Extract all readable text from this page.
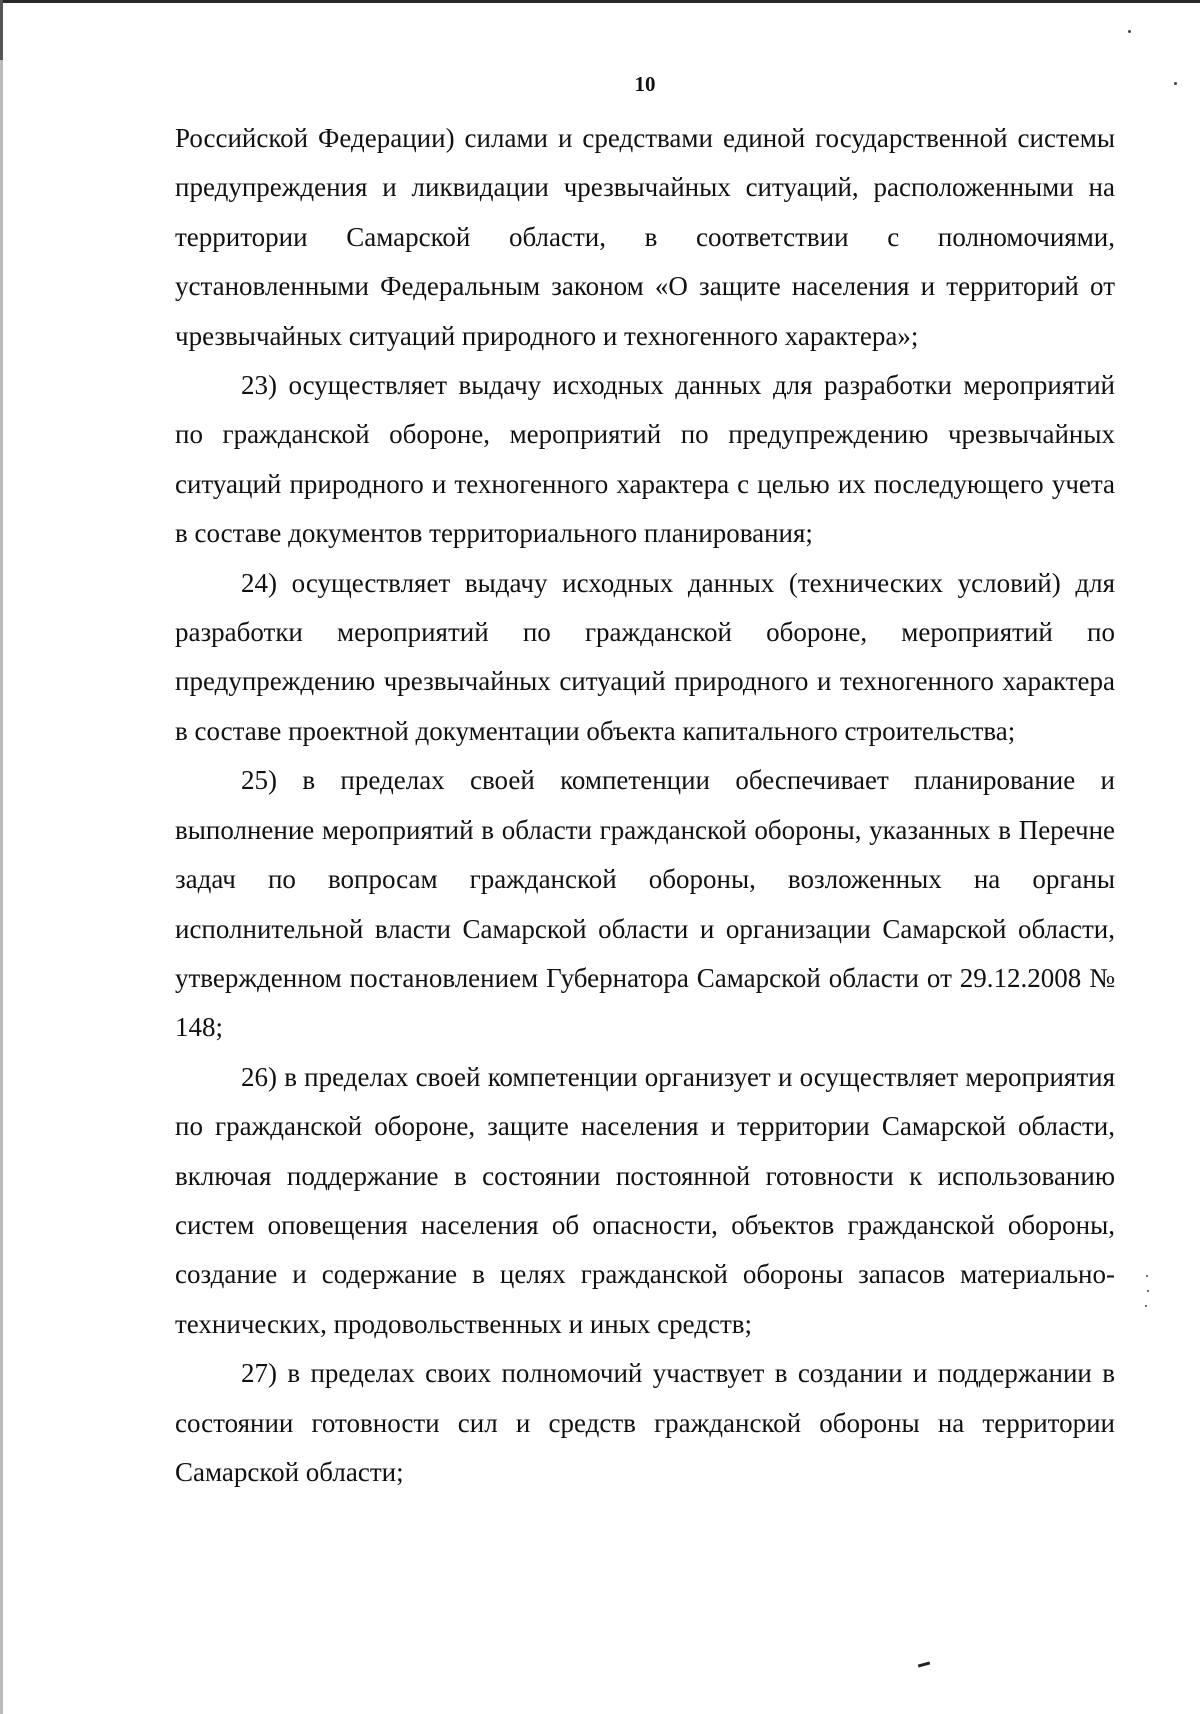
10

Российской Федерации) силами и средствами единой государственной системы предупреждения и ликвидации чрезвычайных ситуаций, расположенными на территории Самарской области, в соответствии с полномочиями, установленными Федеральным законом «О защите населения и территорий от чрезвычайных ситуаций природного и техногенного характера»;

23) осуществляет выдачу исходных данных для разработки мероприятий по гражданской обороне, мероприятий по предупреждению чрезвычайных ситуаций природного и техногенного характера с целью их последующего учета в составе документов территориального планирования;

24) осуществляет выдачу исходных данных (технических условий) для разработки мероприятий по гражданской обороне, мероприятий по предупреждению чрезвычайных ситуаций природного и техногенного характера в составе проектной документации объекта капитального строительства;

25) в пределах своей компетенции обеспечивает планирование и выполнение мероприятий в области гражданской обороны, указанных в Перечне задач по вопросам гражданской обороны, возложенных на органы исполнительной власти Самарской области и организации Самарской области, утвержденном постановлением Губернатора Самарской области от 29.12.2008 № 148;

26) в пределах своей компетенции организует и осуществляет мероприятия по гражданской обороне, защите населения и территории Самарской области, включая поддержание в состоянии постоянной готовности к использованию систем оповещения населения об опасности, объектов гражданской обороны, создание и содержание в целях гражданской обороны запасов материально-технических, продовольственных и иных средств;

27) в пределах своих полномочий участвует в создании и поддержании в состоянии готовности сил и средств гражданской обороны на территории Самарской области;
